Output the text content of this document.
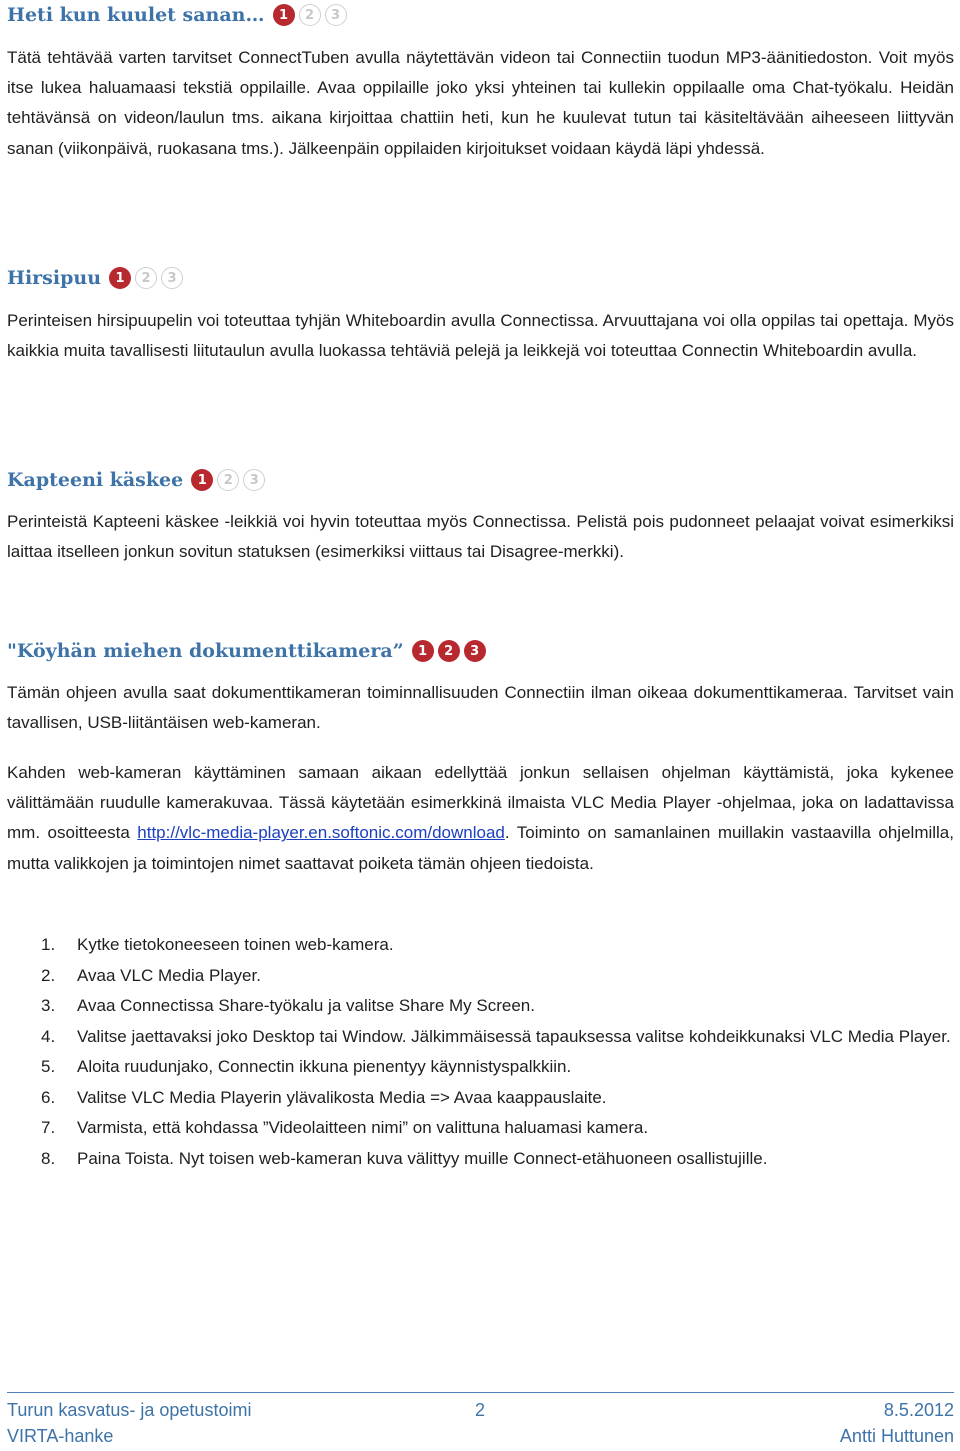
Heti kun kuulet sanan…	1	2	3

Tätä tehtävää varten tarvitset ConnectTuben avulla näytettävän videon tai Connectiin tuodun MP3-äänitiedoston. Voit myös itse lukea haluamaasi tekstiä oppilaille. Avaa oppilaille joko yksi yhteinen tai kullekin oppilaalle oma Chat-työkalu. Heidän tehtävänsä on videon/laulun tms. aikana kirjoittaa chattiin heti, kun he kuulevat tutun tai käsiteltävään aiheeseen liittyvän sanan (viikonpäivä, ruokasana tms.). Jälkeenpäin oppilaiden kirjoitukset voidaan käydä läpi yhdessä.

Hirsipuu	1	2	3

Perinteisen hirsipuupelin voi toteuttaa tyhjän Whiteboardin avulla Connectissa. Arvuuttajana voi olla oppilas tai opettaja. Myös kaikkia muita tavallisesti liitutaulun avulla luokassa tehtäviä pelejä ja leikkejä voi toteuttaa Connectin Whiteboardin avulla.

Kapteeni käskee	1	2	3

Perinteistä Kapteeni käskee -leikkiä voi hyvin toteuttaa myös Connectissa. Pelistä pois pudonneet pelaajat voivat esimerkiksi laittaa itselleen jonkun sovitun statuksen (esimerkiksi viittaus tai Disagree-merkki).

"Köyhän miehen dokumenttikamera”	1	2	3

Tämän ohjeen avulla saat dokumenttikameran toiminnallisuuden Connectiin ilman oikeaa dokumenttikameraa. Tarvitset vain tavallisen, USB-liitäntäisen web-kameran.

Kahden web-kameran käyttäminen samaan aikaan edellyttää jonkun sellaisen ohjelman käyttämistä, joka kykenee välittämään ruudulle kamerakuvaa. Tässä käytetään esimerkkinä ilmaista VLC Media Player -ohjelmaa, joka on ladattavissa mm. osoitteesta http://vlc-media-player.en.softonic.com/download. Toiminto on samanlainen muillakin vastaavilla ohjelmilla, mutta valikkojen ja toimintojen nimet saattavat poiketa tämän ohjeen tiedoista.

1.	Kytke tietokoneeseen toinen web-kamera.
2.	Avaa VLC Media Player.
3.	Avaa Connectissa Share-työkalu ja valitse Share My Screen.
4.	Valitse jaettavaksi joko Desktop tai Window. Jälkimmäisessä tapauksessa valitse kohdeikkunaksi VLC Media Player.
5.	Aloita ruudunjako, Connectin ikkuna pienentyy käynnistyspalkkiin.
6.	Valitse VLC Media Playerin ylävalikosta Media => Avaa kaappauslaite.
7.	Varmista, että kohdassa ”Videolaitteen nimi” on valittuna haluamasi kamera.
8.	Paina Toista. Nyt toisen web-kameran kuva välittyy muille Connect-etähuoneen osallistujille.
Turun kasvatus- ja opetustoimi	2	8.5.2012
VIRTA-hanke	Antti Huttunen
